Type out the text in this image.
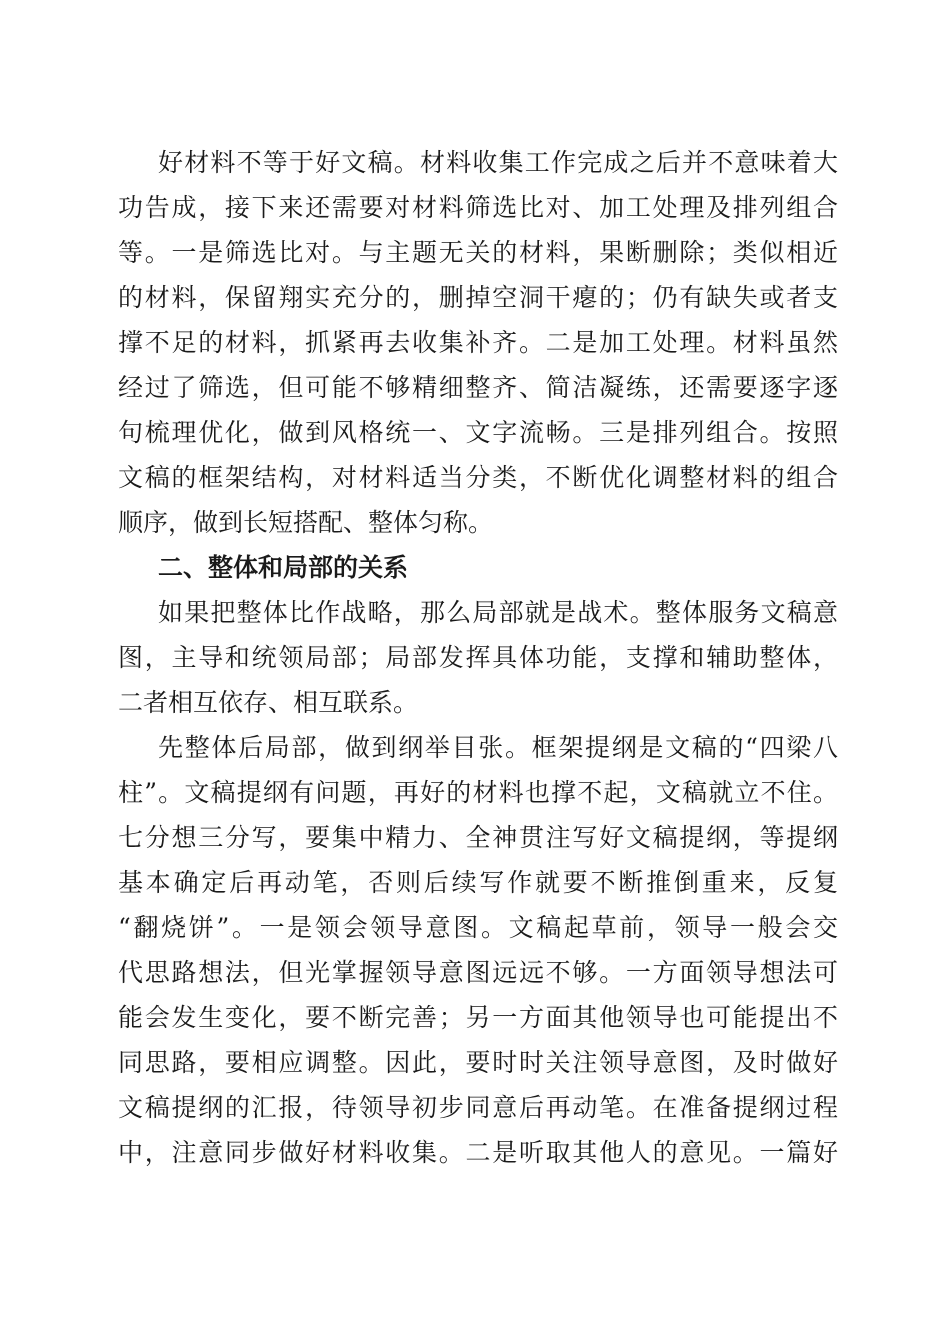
好材料不等于好文稿。材料收集工作完成之后并不意味着大
功告成，接下来还需要对材料筛选比对、加工处理及排列组合
等。一是筛选比对。与主题无关的材料，果断删除；类似相近
的材料，保留翔实充分的，删掉空洞干瘪的；仍有缺失或者支
撑不足的材料，抓紧再去收集补齐。二是加工处理。材料虽然
经过了筛选，但可能不够精细整齐、简洁凝练，还需要逐字逐
句梳理优化，做到风格统一、文字流畅。三是排列组合。按照
文稿的框架结构，对材料适当分类，不断优化调整材料的组合
顺序，做到长短搭配、整体匀称。
二、整体和局部的关系
如果把整体比作战略，那么局部就是战术。整体服务文稿意
图，主导和统领局部；局部发挥具体功能，支撑和辅助整体，
二者相互依存、相互联系。
先整体后局部，做到纲举目张。框架提纲是文稿的“四梁八
柱”。文稿提纲有问题，再好的材料也撑不起，文稿就立不住。
七分想三分写，要集中精力、全神贯注写好文稿提纲，等提纲
基本确定后再动笔，否则后续写作就要不断推倒重来，反复
“翻烧饼”。一是领会领导意图。文稿起草前，领导一般会交
代思路想法，但光掌握领导意图远远不够。一方面领导想法可
能会发生变化，要不断完善；另一方面其他领导也可能提出不
同思路，要相应调整。因此，要时时关注领导意图，及时做好
文稿提纲的汇报，待领导初步同意后再动笔。在准备提纲过程
中，注意同步做好材料收集。二是听取其他人的意见。一篇好
